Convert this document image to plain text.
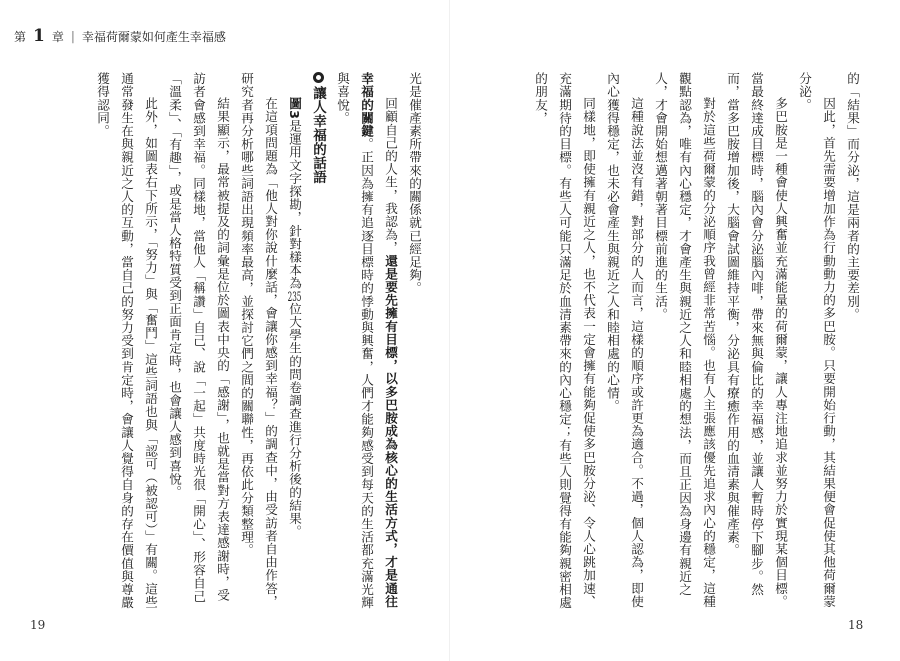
第 1 章 | 幸福荷爾蒙如何產生幸福感

的「結果」而分泌，這是兩者的主要差別。

因此，首先需要增加作為行動動力的多巴胺。只要開始行動，其結果便會促使其他荷爾蒙分泌。

多巴胺是一種會使人興奮並充滿能量的荷爾蒙，讓人專注地追求並努力於實現某個目標。當最終達成目標時，腦內會分泌腦內啡，帶來無與倫比的幸福感，並讓人暫時停下腳步。然而，當多巴胺增加後，大腦會試圖維持平衡，分泌具有療癒作用的血清素與催產素。

對於這些荷爾蒙的分泌順序我曾經非常苦惱。也有人主張應該優先追求內心的穩定，這種觀點認為，唯有內心穩定，才會產生與親近之人和睦相處的想法，而且正因為身邊有親近之人，才會開始想邁著朝著目標前進的生活。

這種說法並沒有錯，對部分的人而言，這樣的順序或許更為適合。不過，個人認為，即使內心獲得穩定，也未必會產生與親近之人和睦相處的心情。

同樣地，即使擁有親近之人，也不代表一定會擁有能夠促使多巴胺分泌、令人心跳加速、充滿期待的目標。有些人可能只滿足於血清素帶來的內心穩定；有些人則覺得有能夠親密相處的朋友，

光是催產素所帶來的關係就已經足夠。

回顧自己的人生，我認為，還是要先擁有目標，以多巴胺成為核心的生活方式，才是通往幸福的關鍵。正因為擁有追逐目標時的悸動與興奮，人們才能夠感受到每天的生活都充滿光輝與喜悅。

讓人幸福的話語

圖3是運用文字探勘，針對樣本為235位大學生的問卷調查進行分析後的結果。

在這項問題為「他人對你說什麼話，會讓你感到幸福？」的調查中，由受訪者自由作答，研究者再分析哪些詞語出現頻率最高，並探討它們之間的關聯性，再依此分類整理。

結果顯示，最常被提及的詞彙是位於圖表中央的「感謝」，也就是當對方表達感謝時，受訪者會感到幸福。同樣地，當他人「稱讚」自己、說「一起」共度時光很「開心」、形容自己「溫柔」、「有趣」，或是當人格特質受到正面肯定時，也會讓人感到喜悅。

此外，如圖表右下所示，「努力」與「奮鬥」這些詞語也與「認可（被認可）」有關。這些通常發生在與親近之人的互動，當自己的努力受到肯定時，會讓人覺得自身的存在價值與尊嚴獲得認同。

19	18
